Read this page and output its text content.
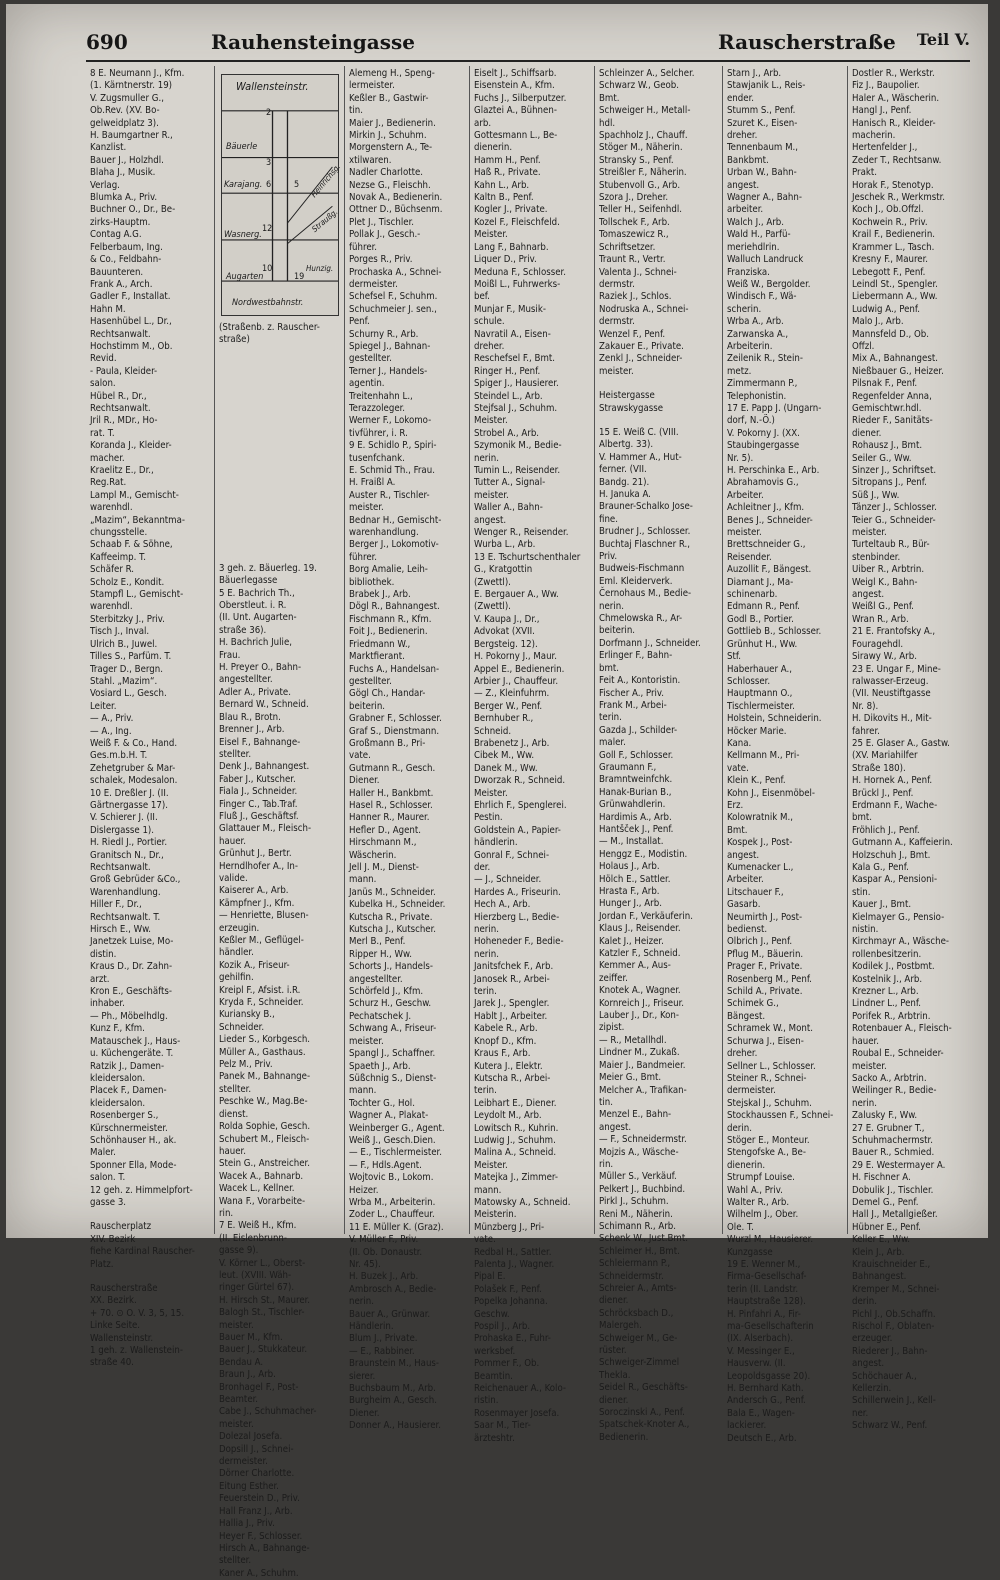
690	Rauhensteingasse	Rauscherstraße Teil V.
8 E. Neumann J., Kfm.
(1. Kärntnerstr. 19)
V. Zugsmuller G.,
Ob.Rev. (XV. Bo-
gelweidplatz 3).
H. Baumgartner R.,
Kanzlist.
Bauer J., Holzhdl.
Blaha J., Musik.
Verlag.
Blumka A., Priv.
Buchner O., Dr., Be-
zirks-Hauptm.
Contag A.G.
Felberbaum, Ing.
& Co., Feldbahn-
Bauunteren.
Frank A., Arch.
Gadler F., Installat.
Hahn M.
Hasenhübel L., Dr.,
Rechtsanwalt.
Hochstimm M., Ob.
Revid.
- Paula, Kleider-
salon.
Hübel R., Dr.,
Rechtsanwalt.
Jril R., MDr., Ho-
rat. T.
Koranda J., Kleider-
macher.
Kraelitz E., Dr.,
Reg.Rat.
Lampl M., Gemischt-
warenhdl.
„Mazim“, Bekanntma-
chungsstelle.
Schaab F. & Söhne,
Kaffeeimp. T.
Schäfer R.
Scholz E., Kondit.
Stampfl L., Gemischt-
warenhdl.
Sterbitzky J., Priv.
Tisch J., Inval.
Ulrich B., Juwel.
Tilles S., Parfüm. T.
Trager D., Bergn.
Stahl. „Mazim“.
Vosiard L., Gesch.
Leiter.
— A., Priv.
— A., Ing.
Weiß F. & Co., Hand.
Ges.m.b.H. T.
Zehetgruber & Mar-
schalek, Modesalon.
10 E. Dreßler J. (II.
Gärtnergasse 17).
V. Schierer J. (II.
Dislergasse 1).
H. Riedl J., Portier.
Granitsch N., Dr.,
Rechtsanwalt.
Groß Gebrüder &Co.,
Warenhandlung.
Hiller F., Dr.,
Rechtsanwalt. T.
Hirsch E., Ww.
Janetzek Luise, Mo-
distin.
Kraus D., Dr. Zahn-
arzt.
Kron E., Geschäfts-
inhaber.
— Ph., Möbelhdlg.
Kunz F., Kfm.
Matauschek J., Haus-
u. Küchengeräte. T.
Ratzik J., Damen-
kleidersalon.
Placek F., Damen-
kleidersalon.
Rosenberger S.,
Kürschnermeister.
Schönhauser H., ak.
Maler.
Sponner Ella, Mode-
salon. T.
12 geh. z. Himmelpfort-
gasse 3.
Rauscherplatz
XIV. Bezirk
fiehe Kardinal Rauscher-
Platz.
Rauscherstraße
XX. Bezirk.
+ 70. ⊙ O. V. 3, 5, 15.
Linke Seite.
Wallensteinstr.
1 geh. z. Wallenstein-
straße 40.
Wallensteinstr.
Bäuerle
Karajang.
Wasnerg.
Augarten
Nordwestbahnstr.
Heinrichsg.
Straußg.
Hunzig.
2
3
6	5
12
10
19
(Straßenb. z. Rauscher-
straße)
3 geh. z. Bäuerleg. 19.
Bäuerlegasse
5 E. Bachrich Th.,
Oberstleut. i. R.
(II. Unt. Augarten-
straße 36).
H. Bachrich Julie,
Frau.
H. Preyer O., Bahn-
angestellter.
Adler A., Private.
Bernard W., Schneid.
Blau R., Brotn.
Brenner J., Arb.
Eisel F., Bahnange-
stellter.
Denk J., Bahnangest.
Faber J., Kutscher.
Fiala J., Schneider.
Finger C., Tab.Traf.
Fluß J., Geschäftsf.
Glattauer M., Fleisch-
hauer.
Grünhut J., Bertr.
Herndlhofer A., In-
valide.
Kaiserer A., Arb.
Kämpfner J., Kfm.
— Henriette, Blusen-
erzeugin.
Keßler M., Geflügel-
händler.
Kozik A., Friseur-
gehilfin.
Kreipl F., Afsist. i.R.
Kryda F., Schneider.
Kuriansky B.,
Schneider.
Lieder S., Korbgesch.
Müller A., Gasthaus.
Pelz M., Priv.
Panek M., Bahnange-
stellter.
Peschke W., Mag.Be-
dienst.
Rolda Sophie, Gesch.
Schubert M., Fleisch-
hauer.
Stein G., Anstreicher.
Wacek A., Bahnarb.
Wacek L., Kellner.
Wana F., Vorarbeite-
rin.
7 E. Weiß H., Kfm.
(II. Eislenbrunn-
gasse 9).
V. Körner L., Oberst-
leut. (XVIII. Wäh-
ringer Gürtel 67).
H. Hirsch St., Maurer.
Balogh St., Tischler-
meister.
Bauer M., Kfm.
Bauer J., Stukkateur.
Bendau A.
Braun J., Arb.
Bronhagel F., Post-
Beamter.
Cabe J., Schuhmacher-
meister.
Dolezal Josefa.
Dopsill J., Schnei-
dermeister.
Dörner Charlotte.
Eitung Esther.
Feuerstein D., Priv.
Hall Franz J., Arb.
Hallia J., Priv.
Heyer F., Schlosser.
Hirsch A., Bahnange-
stellter.
Kaner A., Schuhm.
Alemeng H., Speng-
lermeister.
Keßler B., Gastwir-
tin.
Maier J., Bedienerin.
Mirkin J., Schuhm.
Morgenstern A., Te-
xtilwaren.
Nadler Charlotte.
Nezse G., Fleischh.
Novak A., Bedienerin.
Ottner D., Büchsenm.
Plet J., Tischler.
Pollak J., Gesch.-
führer.
Porges R., Priv.
Prochaska A., Schnei-
dermeister.
Schefsel F., Schuhm.
Schuchmeier J. sen.,
Penf.
Schurny R., Arb.
Spiegel J., Bahnan-
gestellter.
Terner J., Handels-
agentin.
Treitenhahn L.,
Terazzoleger.
Werner F., Lokomo-
tivführer, i. R.
9 E. Schidlo P., Spiri-
tusenfchank.
E. Schmid Th., Frau.
H. Fraißl A.
Auster R., Tischler-
meister.
Bednar H., Gemischt-
warenhandlung.
Berger J., Lokomotiv-
führer.
Borg Amalie, Leih-
bibliothek.
Brabek J., Arb.
Dögl R., Bahnangest.
Fischmann R., Kfm.
Foit J., Bedienerin.
Friedmann W.,
Marktfierant.
Fuchs A., Handelsan-
gestellter.
Gögl Ch., Handar-
beiterin.
Grabner F., Schlosser.
Graf S., Dienstmann.
Großmann B., Pri-
vate.
Gutmann R., Gesch.
Diener.
Haller H., Bankbmt.
Hasel R., Schlosser.
Hanner R., Maurer.
Hefler D., Agent.
Hirschmann M.,
Wäscherin.
Jell J. M., Dienst-
mann.
Janüs M., Schneider.
Kubelka H., Schneider.
Kutscha R., Private.
Kutscha J., Kutscher.
Merl B., Penf.
Ripper H., Ww.
Schorts J., Handels-
angestellter.
Schörfeld J., Kfm.
Schurz H., Geschw.
Pechatschek J.
Schwang A., Friseur-
meister.
Spangl J., Schaffner.
Spaeth J., Arb.
Süßchnig S., Dienst-
mann.
Tochter G., Hol.
Wagner A., Plakat-
Weinberger G., Agent.
Weiß J., Gesch.Dien.
— E., Tischlermeister.
— F., Hdls.Agent.
Wojtovic B., Lokom.
Heizer.
Wrba M., Arbeiterin.
Zoder L., Chauffeur.
11 E. Müller K. (Graz).
V. Müller F., Priv.
(II. Ob. Donaustr.
Nr. 45).
H. Buzek J., Arb.
Ambrosch A., Bedie-
nerin.
Bauer A., Grünwar.
Händlerin.
Blum J., Private.
— E., Rabbiner.
Braunstein M., Haus-
sierer.
Buchsbaum M., Arb.
Burgheim A., Gesch.
Diener.
Donner A., Hausierer.
Eiselt J., Schiffsarb.
Eisenstein A., Kfm.
Fuchs J., Silberputzer.
Glaztei A., Bühnen-
arb.
Gottesmann L., Be-
dienerin.
Hamm H., Penf.
Haß R., Private.
Kahn L., Arb.
Kaltn B., Penf.
Kogler J., Private.
Kozel F., Fleischfeld.
Meister.
Lang F., Bahnarb.
Liquer D., Priv.
Meduna F., Schlosser.
Moißl L., Fuhrwerks-
bef.
Munjar F., Musik-
schule.
Navratil A., Eisen-
dreher.
Reschefsel F., Bmt.
Ringer H., Penf.
Spiger J., Hausierer.
Steindel L., Arb.
Stejfsal J., Schuhm.
Meister.
Strobel A., Arb.
Szymonik M., Bedie-
nerin.
Tumin L., Reisender.
Tutter A., Signal-
meister.
Waller A., Bahn-
angest.
Wenger R., Reisender.
Wurba L., Arb.
13 E. Tschurtschenthaler
G., Kratgottin
(Zwettl).
E. Bergauer A., Ww.
(Zwettl).
V. Kaupa J., Dr.,
Advokat (XVII.
Bergsteig. 12).
H. Pokorny J., Maur.
Appel E., Bedienerin.
Arbier J., Chauffeur.
— Z., Kleinfuhrm.
Berger W., Penf.
Bernhuber R.,
Schneid.
Brabenetz J., Arb.
Cibek M., Ww.
Danek M., Ww.
Dworzak R., Schneid.
Meister.
Ehrlich F., Spenglerei.
Pestin.
Goldstein A., Papier-
händlerin.
Gonral F., Schnei-
der.
— J., Schneider.
Hardes A., Friseurin.
Hech A., Arb.
Hierzberg L., Bedie-
nerin.
Hoheneder F., Bedie-
nerin.
Janitsfchek F., Arb.
Janosek R., Arbei-
terin.
Jarek J., Spengler.
Hablt J., Arbeiter.
Kabele R., Arb.
Knopf D., Kfm.
Kraus F., Arb.
Kutera J., Elektr.
Kutscha R., Arbei-
terin.
Leibhart E., Diener.
Leydolt M., Arb.
Lowitsch R., Kuhrin.
Ludwig J., Schuhm.
Malina A., Schneid.
Meister.
Matejka J., Zimmer-
mann.
Matowsky A., Schneid.
Meisterin.
Münzberg J., Pri-
vate.
Redbal H., Sattler.
Palenta J., Wagner.
Pipal E.
Polašek F., Penf.
Popelka Johanna.
Geschw.
Pospil J., Arb.
Prohaska E., Fuhr-
werksbef.
Pommer F., Ob.
Beamtin.
Reichenauer A., Kolo-
ristin.
Rosenmayer Josefa.
Saar M., Tier-
ärzteshtr.
Schleinzer A., Selcher.
Schwarz W., Geob.
Bmt.
Schweiger H., Metall-
hdl.
Spachholz J., Chauff.
Stöger M., Näherin.
Stransky S., Penf.
Streißler F., Näherin.
Stubenvoll G., Arb.
Szora J., Dreher.
Teller H., Seifenhdl.
Tollschek F., Arb.
Tomaszewicz R.,
Schriftsetzer.
Traunt R., Vertr.
Valenta J., Schnei-
dermstr.
Raziek J., Schlos.
Nodruska A., Schnei-
dermstr.
Wenzel F., Penf.
Zakauer E., Private.
Zenkl J., Schneider-
meister.
Heistergasse
Strawskygasse
15 E. Weiß C. (VIII.
Albertg. 33).
V. Hammer A., Hut-
ferner. (VII.
Bandg. 21).
H. Januka A.
Brauner-Schalko Jose-
fine.
Brudner J., Schlosser.
Buchtaj Flaschner R.,
Priv.
Budweis-Fischmann
Eml. Kleiderverk.
Černohaus M., Bedie-
nerin.
Chmelowska R., Ar-
beiterin.
Dorfmann J., Schneider.
Erlinger F., Bahn-
bmt.
Feit A., Kontoristin.
Fischer A., Priv.
Frank M., Arbei-
terin.
Gazda J., Schilder-
maler.
Goll F., Schlosser.
Graumann F.,
Bramntweinfchk.
Hanak-Burian B.,
Grünwahdlerin.
Hardimis A., Arb.
Hantšček J., Penf.
— M., Installat.
Henggz E., Modistin.
Holaus J., Arb.
Hölch E., Sattler.
Hrasta F., Arb.
Hunger J., Arb.
Jordan F., Verkäuferin.
Klaus J., Reisender.
Kalet J., Heizer.
Katzler F., Schneid.
Kemmer A., Aus-
zeiffer.
Knotek A., Wagner.
Kornreich J., Friseur.
Lauber J., Dr., Kon-
zipist.
— R., Metallhdl.
Lindner M., Zukaß.
Maier J., Bandmeier.
Meier G., Bmt.
Melcher A., Trafikan-
tin.
Menzel E., Bahn-
angest.
— F., Schneidermstr.
Mojzis A., Wäsche-
rin.
Müller S., Verkäuf.
Pelkert J., Buchbind.
Pirkl J., Schuhm.
Reni M., Näherin.
Schimann R., Arb.
Schenk W., Just.Bmt.
Schleimer H., Bmt.
Schleiermann P.,
Schneidermstr.
Schreier A., Amts-
diener.
Schröcksbach D.,
Malergeh.
Schweiger M., Ge-
rüster.
Schweiger-Zimmel
Thekla.
Seidel R., Geschäfts-
diener.
Soroczinski A., Penf.
Spatschek-Knoter A.,
Bedienerin.
Starn J., Arb.
Stawjanik L., Reis-
ender.
Stumm S., Penf.
Szuret K., Eisen-
dreher.
Tennenbaum M.,
Bankbmt.
Urban W., Bahn-
angest.
Wagner A., Bahn-
arbeiter.
Walch J., Arb.
Wald H., Parfü-
meriehdlrin.
Walluch Landruck
Franziska.
Weiß W., Bergolder.
Windisch F., Wä-
scherin.
Wrba A., Arb.
Zarwanska A.,
Arbeiterin.
Zeilenik R., Stein-
metz.
Zimmermann P.,
Telephonistin.
17 E. Papp J. (Ungarn-
dorf, N.-Ö.)
V. Pokorny J. (XX.
Staubingergasse
Nr. 5).
H. Perschinka E., Arb.
Abrahamovis G.,
Arbeiter.
Achleitner J., Kfm.
Benes J., Schneider-
meister.
Brettschneider G.,
Reisender.
Auzollit F., Bängest.
Diamant J., Ma-
schinenarb.
Edmann R., Penf.
Godl B., Portier.
Gottlieb B., Schlosser.
Grünhut H., Ww.
Stf.
Haberhauer A.,
Schlosser.
Hauptmann O.,
Tischlermeister.
Holstein, Schneiderin.
Höcker Marie.
Kana.
Kellmann M., Pri-
vate.
Klein K., Penf.
Kohn J., Eisenmöbel-
Erz.
Kolowratnik M.,
Bmt.
Kospek J., Post-
angest.
Kumenacker L.,
Arbeiter.
Litschauer F.,
Gasarb.
Neumirth J., Post-
bedienst.
Olbrich J., Penf.
Pflug M., Bäuerin.
Prager F., Private.
Rosenberg M., Penf.
Schild A., Private.
Schimek G.,
Bängest.
Schramek W., Mont.
Schurwa J., Eisen-
dreher.
Sellner L., Schlosser.
Steiner R., Schnei-
dermeister.
Stejskal J., Schuhm.
Stockhaussen F., Schnei-
derin.
Stöger E., Monteur.
Stengofske A., Be-
dienerin.
Strumpf Louise.
Wahl A., Priv.
Walter R., Arb.
Wilhelm J., Ober.
Ole. T.
Wurzl M., Hausierer.
Kunzgasse
19 E. Wenner M.,
Firma-Gesellschaf-
terin (II. Landstr.
Hauptstraße 128).
H. Pinfahri A., Fir-
ma-Gesellschafterin
(IX. Alserbach).
V. Messinger E.,
Hausverw. (II.
Leopoldsgasse 20).
H. Bernhard Kath.
Andersch G., Penf.
Bala E., Wagen-
lackierer.
Deutsch E., Arb.
Dostler R., Werkstr.
Fiz J., Baupolier.
Haler A., Wäscherin.
Hangl J., Penf.
Hanisch R., Kleider-
macherin.
Hertenfelder J.,
Zeder T., Rechtsanw.
Prakt.
Horak F., Stenotyp.
Jeschek R., Werkmstr.
Koch J., Ob.Offzl.
Kochwein R., Priv.
Krail F., Bedienerin.
Krammer L., Tasch.
Kresny F., Maurer.
Lebegott F., Penf.
Leindl St., Spengler.
Liebermann A., Ww.
Ludwig A., Penf.
Malo J., Arb.
Mannsfeld D., Ob.
Offzl.
Mix A., Bahnangest.
Nießbauer G., Heizer.
Pilsnak F., Penf.
Regenfelder Anna,
Gemischtwr.hdl.
Rieder F., Sanitäts-
diener.
Rohausz J., Bmt.
Seiler G., Ww.
Sinzer J., Schriftset.
Sitropans J., Penf.
Süß J., Ww.
Tänzer J., Schlosser.
Teier G., Schneider-
meister.
Turteltaub R., Bür-
stenbinder.
Uiber R., Arbtrin.
Weigl K., Bahn-
angest.
Weißl G., Penf.
Wran R., Arb.
21 E. Frantofsky A.,
Fouragehdl.
Sirawy W., Arb.
23 E. Ungar F., Mine-
ralwasser-Erzeug.
(VII. Neustiftgasse
Nr. 8).
H. Dikovits H., Mit-
fahrer.
25 E. Glaser A., Gastw.
(XV. Mariahilfer
Straße 180).
H. Hornek A., Penf.
Brückl J., Penf.
Erdmann F., Wache-
bmt.
Fröhlich J., Penf.
Gutmann A., Kaffeierin.
Holzschuh J., Bmt.
Kala G., Penf.
Kaspar A., Pensioni-
stin.
Kauer J., Bmt.
Kielmayer G., Pensio-
nistin.
Kirchmayr A., Wäsche-
rollenbesitzerin.
Kodilek J., Postbmt.
Kostelnik J., Arb.
Krezner L., Arb.
Lindner L., Penf.
Porifek R., Arbtrin.
Rotenbauer A., Fleisch-
hauer.
Roubal E., Schneider-
meister.
Sacko A., Arbtrin.
Weilinger R., Bedie-
nerin.
Zalusky F., Ww.
27 E. Grubner T.,
Schuhmachermstr.
Bauer R., Schmied.
29 E. Westermayer A.
H. Fischner A.
Dobulik J., Tischler.
Demel G., Penf.
Hall J., Metallgießer.
Hübner E., Penf.
Keller E., Ww.
Klein J., Arb.
Krauischneider E.,
Bahnangest.
Kremper M., Schnei-
derin.
Pichl J., Ob.Schaffn.
Rischol F., Oblaten-
erzeuger.
Riederer J., Bahn-
angest.
Schöchauer A.,
Kellerzin.
Schillerwein J., Kell-
ner.
Schwarz W., Penf.
